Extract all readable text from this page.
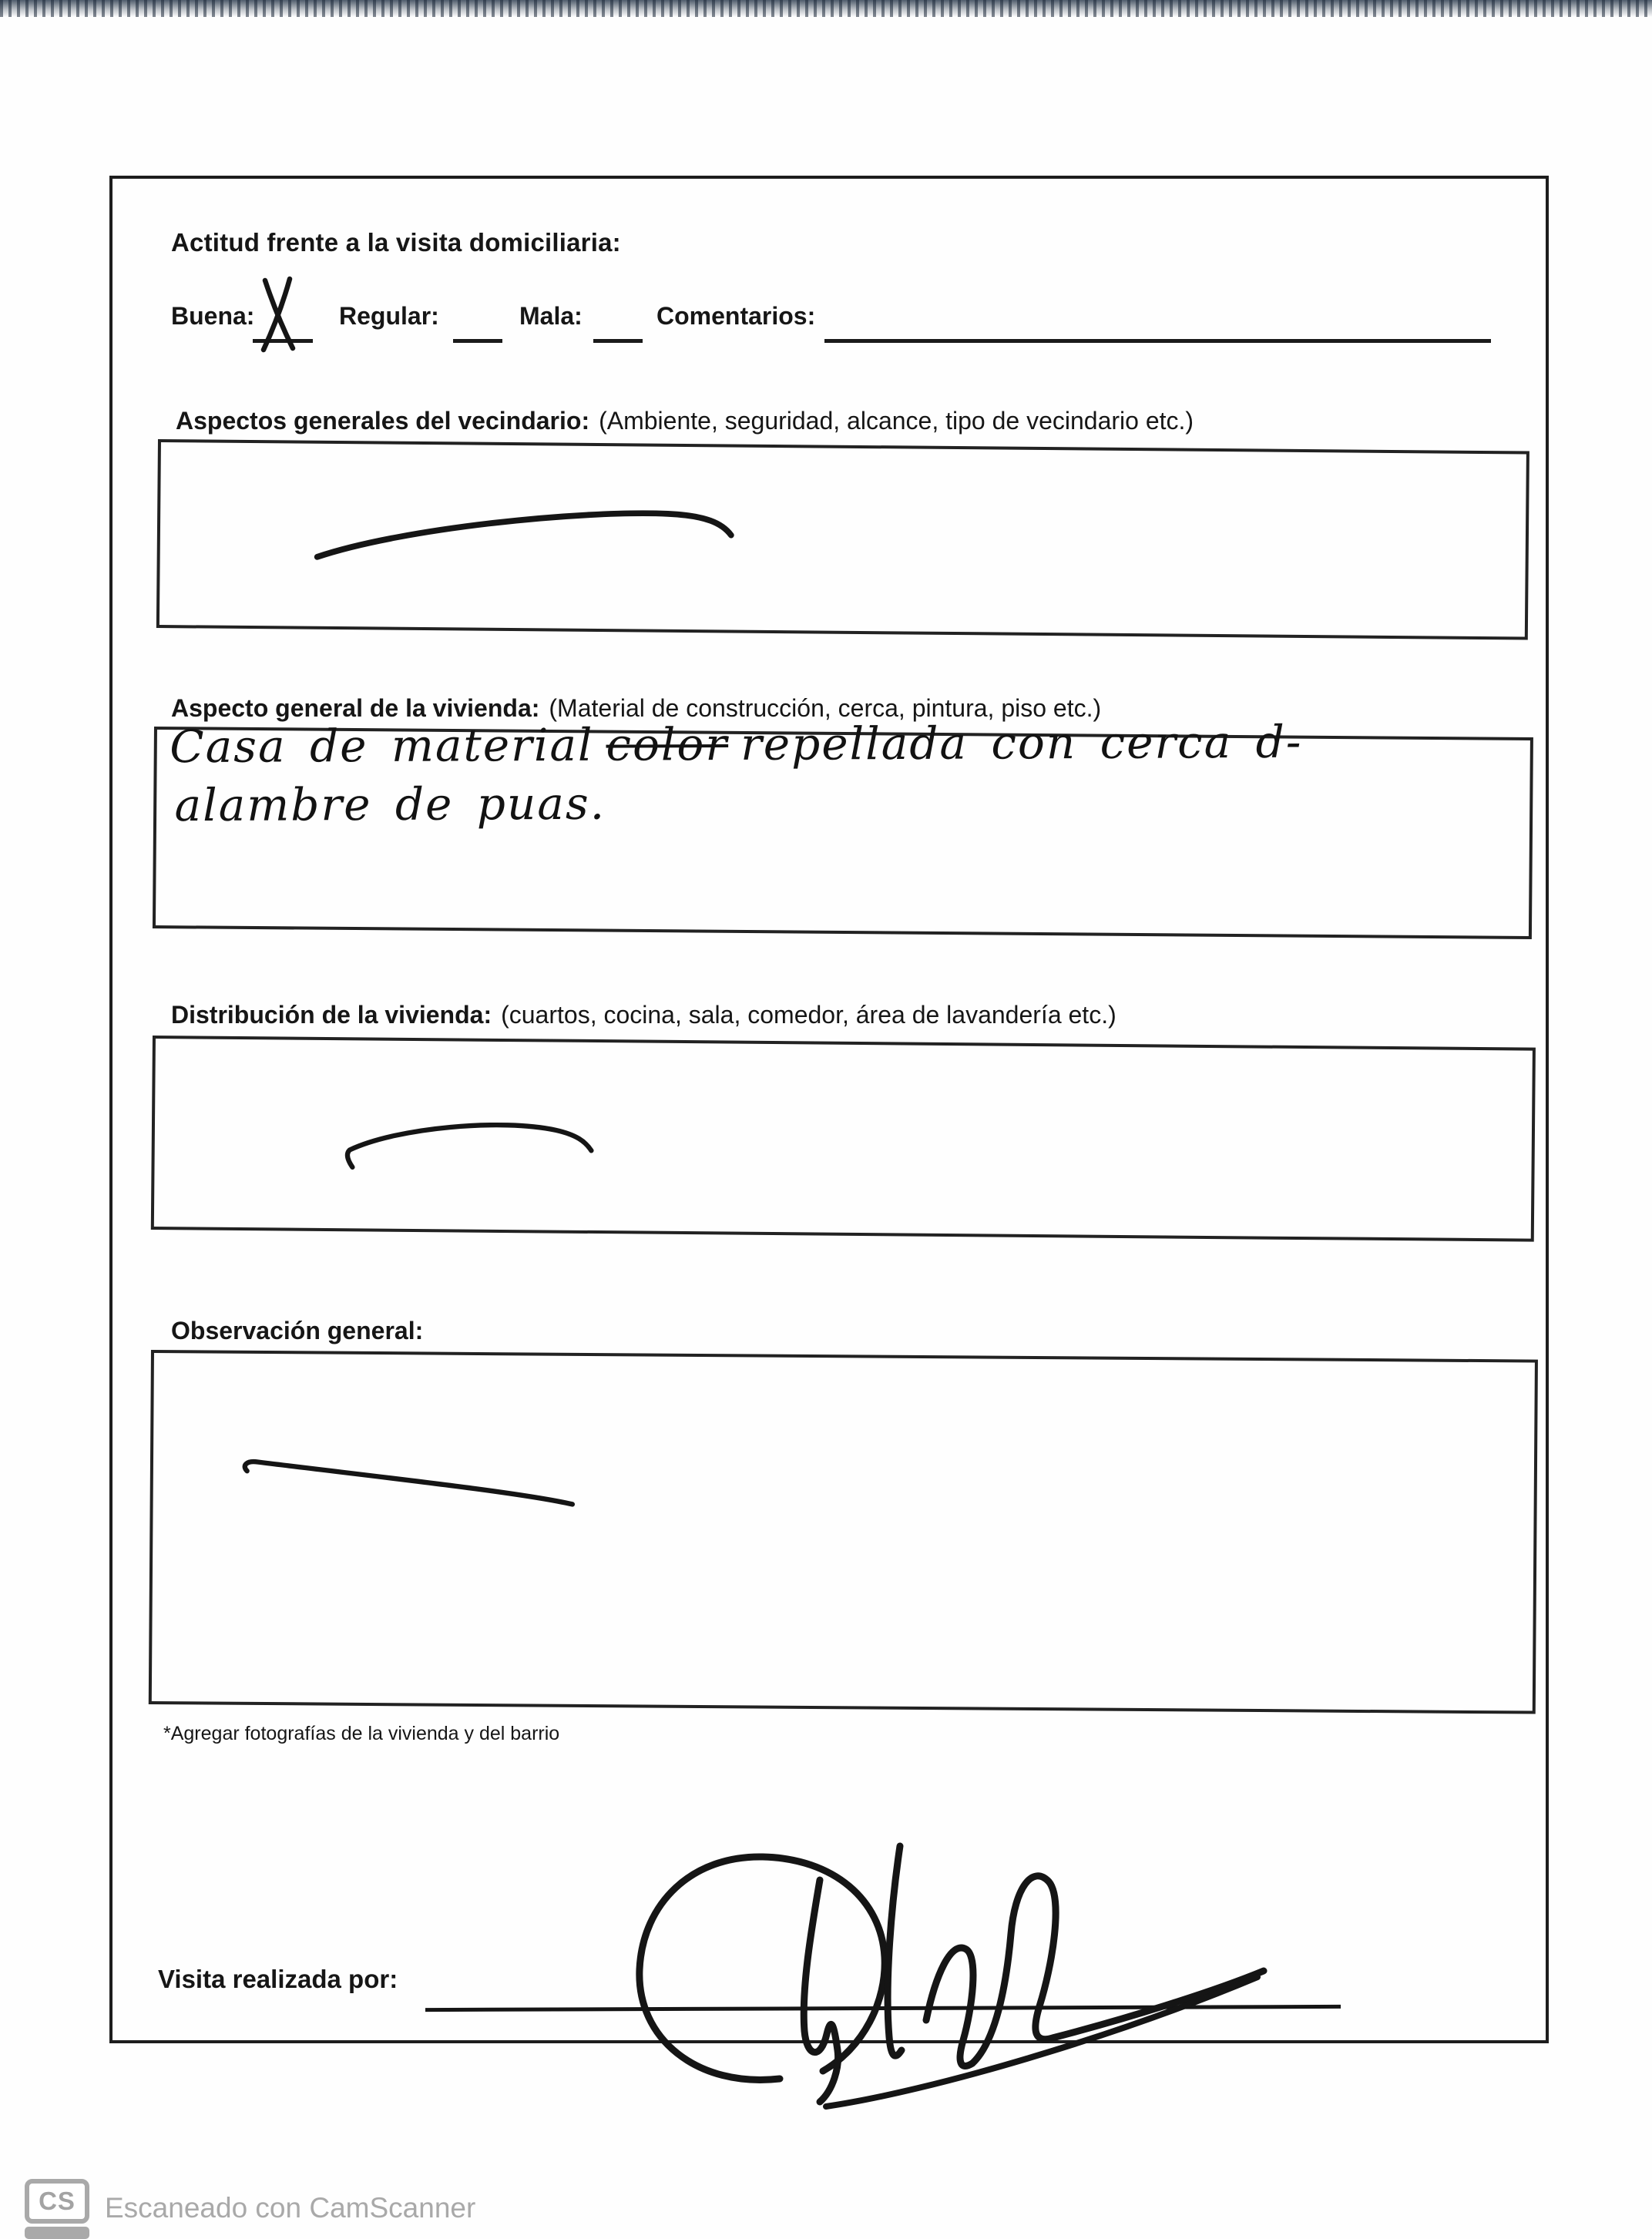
Actitud frente a la visita domiciliaria:
Buena:	Regular:	Mala:	Comentarios:
Aspectos generales del vecindario: (Ambiente, seguridad, alcance, tipo de vecindario etc.)
Aspecto general de la vivienda: (Material de construcción, cerca, pintura, piso etc.)
Casa de material color repellada con cerca d-
alambre de puas.
Distribución de la vivienda: (cuartos, cocina, sala, comedor, área de lavandería etc.)
Observación general:
*Agregar fotografías de la vivienda y del barrio
Visita realizada por:
CS	Escaneado con CamScanner
